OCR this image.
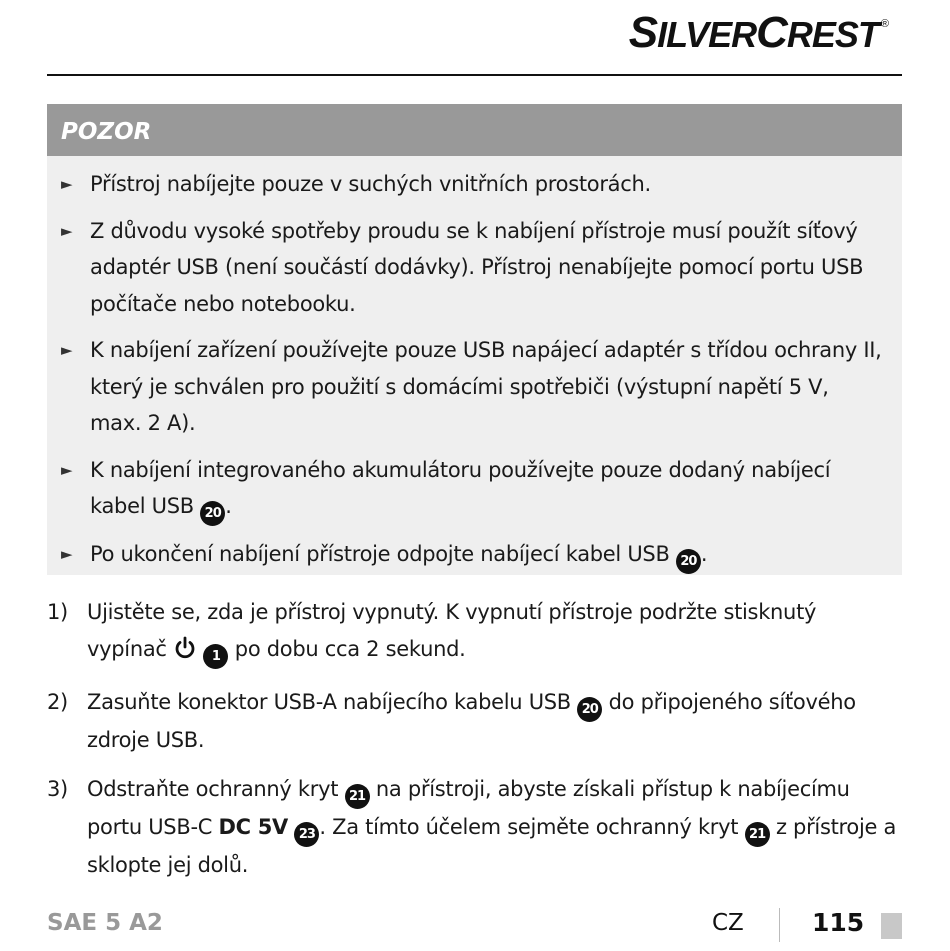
SILVERCREST ®
POZOR
► Přístroj nabíjejte pouze v suchých vnitřních prostorách.
► Z důvodu vysoké spotřeby proudu se k nabíjení přístroje musí použít síťový adaptér USB (není součástí dodávky). Přístroj nenabíjejte pomocí portu USB počítače nebo notebooku.
► K nabíjení zařízení používejte pouze USB napájecí adaptér s třídou ochrany II, který je schválen pro použití s domácími spotřebiči (výstupní napětí 5 V, max. 2 A).
► K nabíjení integrovaného akumulátoru používejte pouze dodaný nabíjecí kabel USB 20 .
► Po ukončení nabíjení přístroje odpojte nabíjecí kabel USB 20 .
1) Ujistěte se, zda je přístroj vypnutý. K vypnutí přístroje podržte stisknutý vypínač	1 po dobu cca 2 sekund.
2) Zasuňte konektor USB-A nabíjecího kabelu USB 20 do připojeného síťového zdroje USB.
3) Odstraňte ochranný kryt 21 na přístroji, abyste získali přístup k nabíjecímu portu USB-C DC 5V 23 . Za tímto účelem sejměte ochranný kryt 21 z přístroje a sklopte jej dolů.
SAE 5 A2	CZ	115
